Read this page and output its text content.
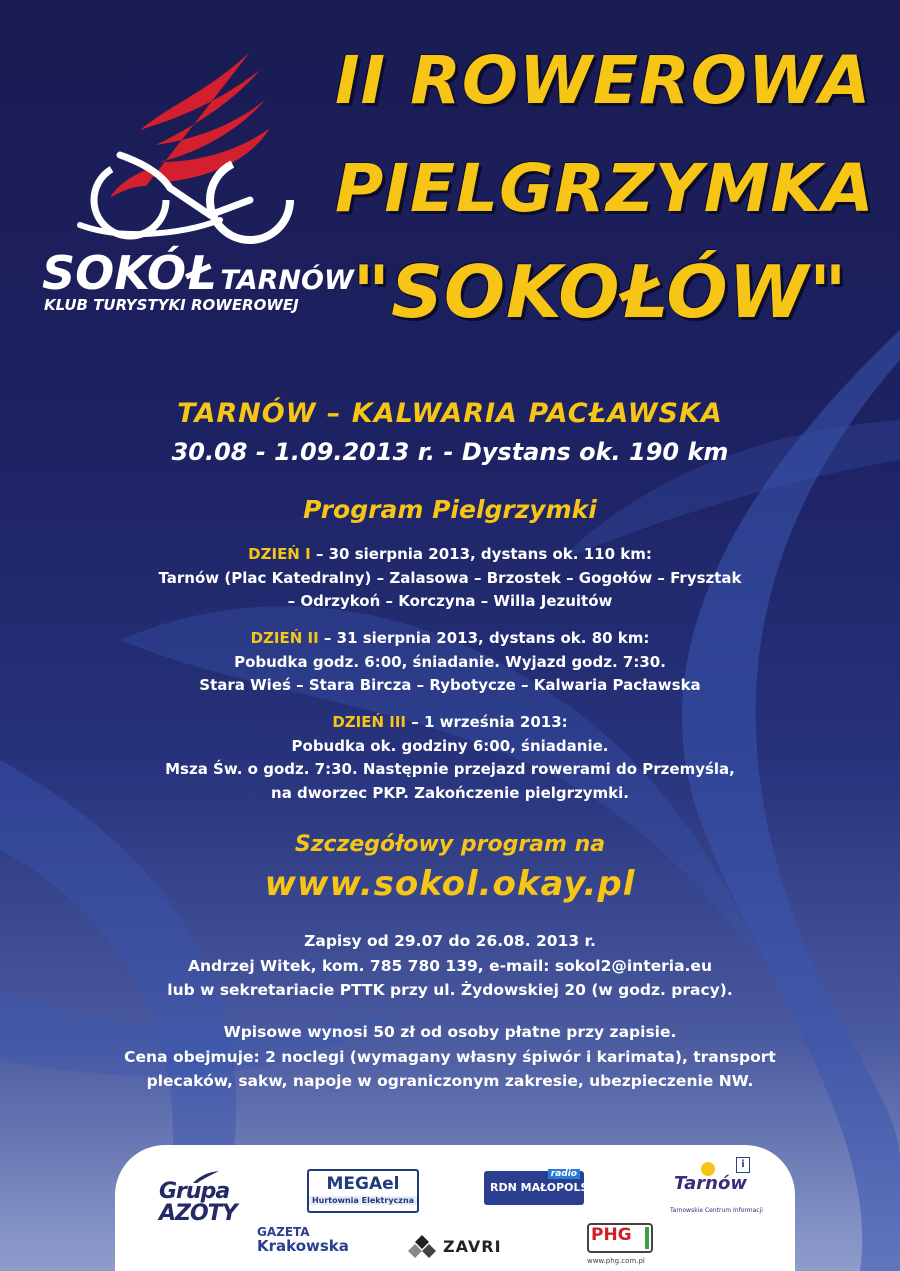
SOKÓŁ TARNÓW
KLUB TURYSTYKI ROWEROWEJ
II ROWEROWA
PIELGRZYMKA
"SOKOŁÓW"
TARNÓW – KALWARIA PACŁAWSKA
30.08 - 1.09.2013 r. - Dystans ok. 190 km
Program Pielgrzymki
DZIEŃ I – 30 sierpnia 2013, dystans ok. 110 km:
Tarnów (Plac Katedralny) – Zalasowa – Brzostek – Gogołów – Frysztak
– Odrzykoń – Korczyna – Willa Jezuitów
DZIEŃ II – 31 sierpnia 2013, dystans ok. 80 km:
Pobudka godz. 6:00, śniadanie. Wyjazd godz. 7:30.
Stara Wieś – Stara Bircza – Rybotycze – Kalwaria Pacławska
DZIEŃ III – 1 września 2013:
Pobudka ok. godziny 6:00, śniadanie.
Msza Św. o godz. 7:30. Następnie przejazd rowerami do Przemyśla,
na dworzec PKP. Zakończenie pielgrzymki.
Szczegółowy program na
www.sokol.okay.pl
Zapisy od 29.07 do 26.08. 2013 r.
Andrzej Witek, kom. 785 780 139, e-mail: sokol2@interia.eu
lub w sekretariacie PTTK przy ul. Żydowskiej 20 (w godz. pracy).
Wpisowe wynosi 50 zł od osoby płatne przy zapisie.
Cena obejmuje: 2 noclegi (wymagany własny śpiwór i karimata), transport
plecaków, sakw, napoje w ograniczonym zakresie, ubezpieczenie NW.
Grupa
AZOTY
MEGAel
Hurtownia Elektryczna
radio
RDN MAŁOPOLSKA
i
Tarnów
Tarnowskie Centrum Informacji
GAZETA
Krakowska	ZAVRI
PHG
www.phg.com.pl
